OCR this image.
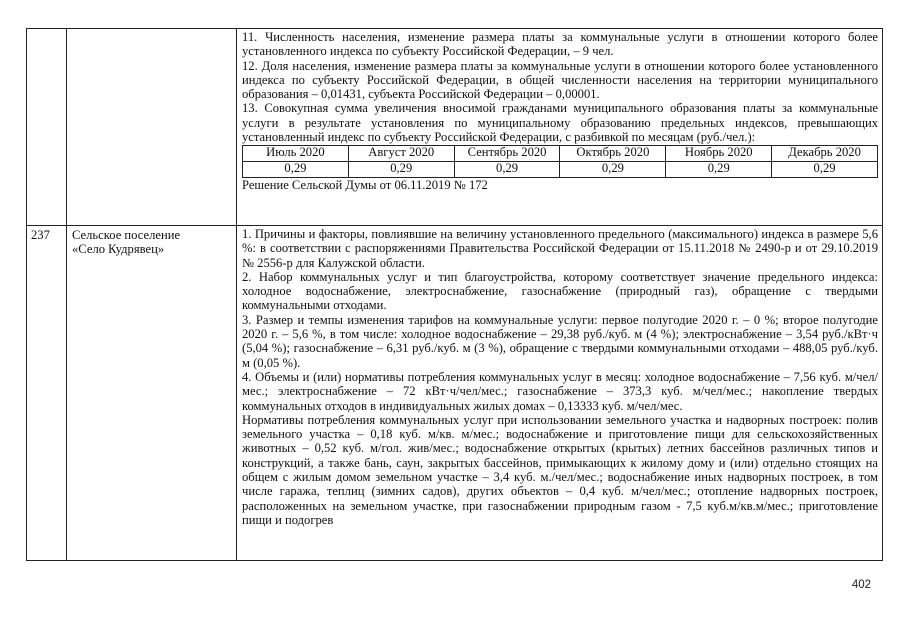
11. Численность населения, изменение размера платы за коммунальные услуги в отношении которого более установленного индекса по субъекту Российской Федерации, – 9 чел.

12. Доля населения, изменение размера платы за коммунальные услуги в отношении которого более установленного индекса по субъекту Российской Федерации, в общей численности населения на территории муниципального образования – 0,01431, субъекта Российской Федерации – 0,00001.

13. Совокупная сумма увеличения вносимой гражданами муниципального образования платы за коммунальные услуги в результате установления по муниципальному образованию предельных индексов, превышающих установленный индекс по субъекту Российской Федерации, с разбивкой по месяцам (руб./чел.):

Июль 2020	Август 2020	Сентябрь 2020	Октябрь 2020	Ноябрь 2020	Декабрь 2020
0,29	0,29	0,29	0,29	0,29	0,29

Решение Сельской Думы от 06.11.2019 № 172

237	Сельское поселение
«Село Кудрявец»

1. Причины и факторы, повлиявшие на величину установленного предельного (максимального) индекса в размере 5,6 %: в соответствии с распоряжениями Правительства Российской Федерации от 15.11.2018 № 2490-р и от 29.10.2019 № 2556-р для Калужской области.

2. Набор коммунальных услуг и тип благоустройства, которому соответствует значение предельного индекса: холодное водоснабжение, электроснабжение, газоснабжение (природный газ), обращение с твердыми коммунальными отходами.

3. Размер и темпы изменения тарифов на коммунальные услуги: первое полугодие 2020 г. – 0 %; второе полугодие 2020 г. – 5,6 %, в том числе: холодное водоснабжение – 29,38 руб./куб. м (4 %); электроснабжение – 3,54 руб./кВт·ч (5,04 %); газоснабжение – 6,31 руб./куб. м (3 %), обращение с твердыми коммунальными отходами – 488,05 руб./куб. м (0,05 %).

4. Объемы и (или) нормативы потребления коммунальных услуг в месяц: холодное водоснабжение – 7,56 куб. м/чел/мес.; электроснабжение – 72 кВт·ч/чел/мес.; газоснабжение – 373,3 куб. м/чел/мес.; накопление твердых коммунальных отходов в индивидуальных жилых домах – 0,13333 куб. м/чел/мес.

Нормативы потребления коммунальных услуг при использовании земельного участка и надворных построек: полив земельного участка – 0,18 куб. м/кв. м/мес.; водоснабжение и приготовление пищи для сельскохозяйственных животных – 0,52 куб. м/гол. жив/мес.; водоснабжение открытых (крытых) летних бассейнов различных типов и конструкций, а также бань, саун, закрытых бассейнов, примыкающих к жилому дому и (или) отдельно стоящих на общем с жилым домом земельном участке – 3,4 куб. м./чел/мес.; водоснабжение иных надворных построек, в том числе гаража, теплиц (зимних садов), других объектов – 0,4 куб. м/чел/мес.; отопление надворных построек, расположенных на земельном участке, при газоснабжении природным газом - 7,5 куб.м/кв.м/мес.; приготовление пищи и подогрев

402
